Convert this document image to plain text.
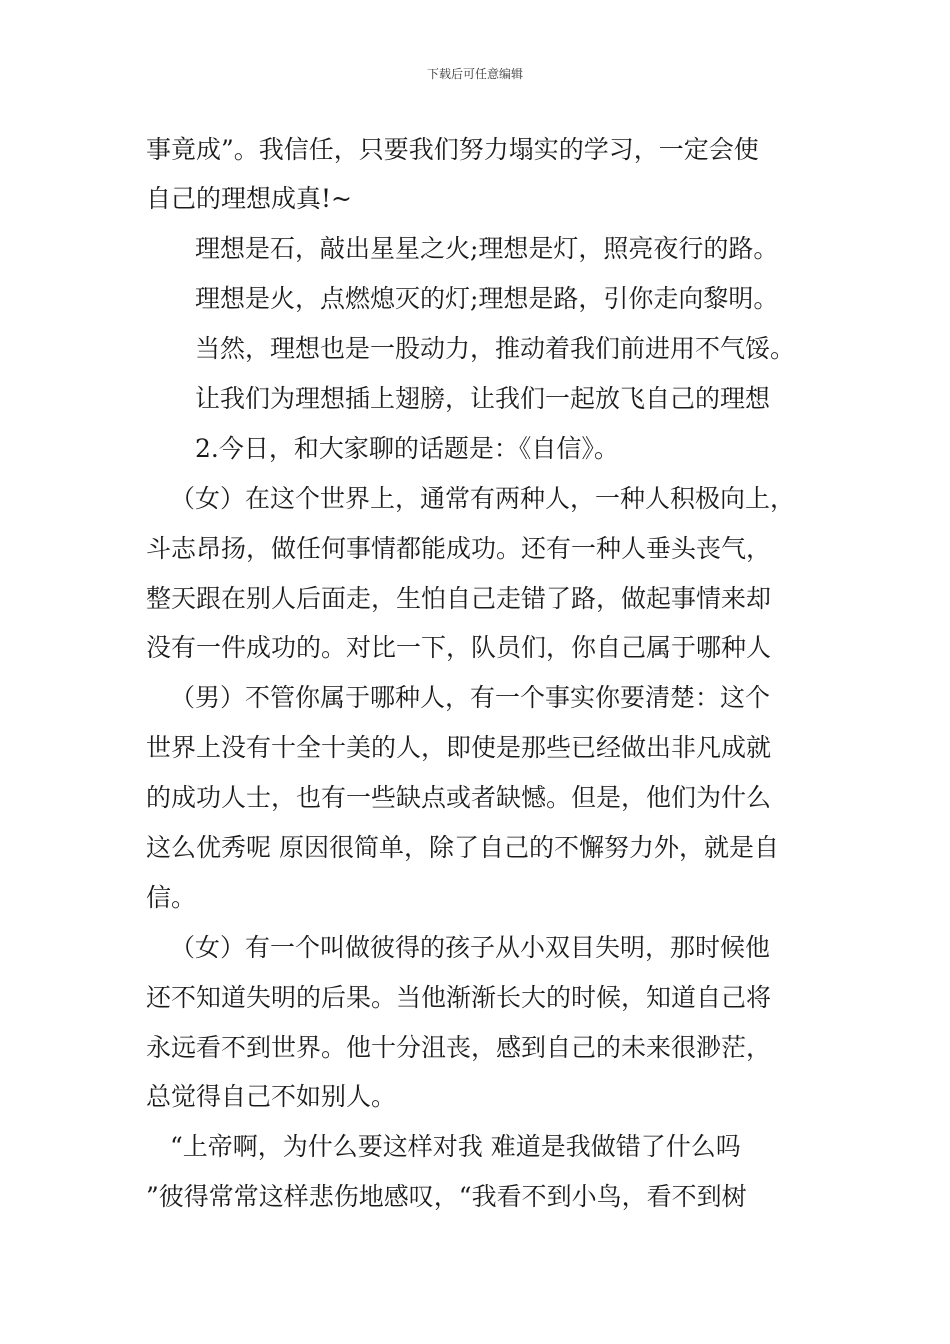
下载后可任意编辑
事竟成”。我信任，只要我们努力塌实的学习，一定会使
自己的理想成真!~
理想是石，敲出星星之火;理想是灯，照亮夜行的路。
理想是火，点燃熄灭的灯;理想是路，引你走向黎明。
当然，理想也是一股动力，推动着我们前进用不气馁。
让我们为理想插上翅膀，让我们一起放飞自己的理想
2.今日，和大家聊的话题是：《自信》。
（女）在这个世界上，通常有两种人，一种人积极向上，
斗志昂扬，做任何事情都能成功。还有一种人垂头丧气，
整天跟在别人后面走，生怕自己走错了路，做起事情来却
没有一件成功的。对比一下，队员们，你自己属于哪种人
（男）不管你属于哪种人，有一个事实你要清楚：这个
世界上没有十全十美的人，即使是那些已经做出非凡成就
的成功人士，也有一些缺点或者缺憾。但是，他们为什么
这么优秀呢 原因很简单，除了自己的不懈努力外，就是自
信。
（女）有一个叫做彼得的孩子从小双目失明，那时候他
还不知道失明的后果。当他渐渐长大的时候，知道自己将
永远看不到世界。他十分沮丧，感到自己的未来很渺茫，
总觉得自己不如别人。
“上帝啊，为什么要这样对我 难道是我做错了什么吗
”彼得常常这样悲伤地感叹，“我看不到小鸟，看不到树
